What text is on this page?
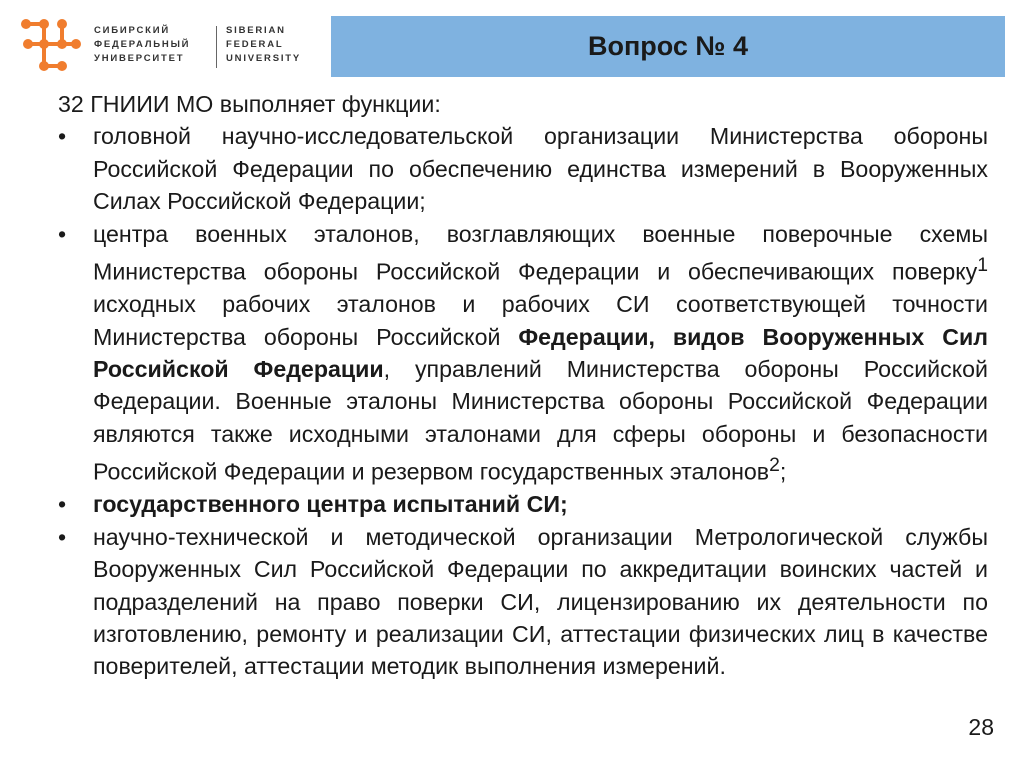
СИБИРСКИЙ
ФЕДЕРАЛЬНЫЙ
УНИВЕРСИТЕТ
SIBERIAN
FEDERAL
UNIVERSITY	Вопрос № 4

32 ГНИИИ МО выполняет функции:

• головной научно-исследовательской организации Министерства обороны Российской Федерации по обеспечению единства измерений в Вооруженных Силах Российской Федерации;
• центра военных эталонов, возглавляющих военные поверочные схемы Министерства обороны Российской Федерации и обеспечивающих поверку$^1$ исходных рабочих эталонов и рабочих СИ соответствующей точности Министерства обороны Российской Федерации, видов Вооруженных Сил Российской Федерации, управлений Министерства обороны Российской Федерации. Военные эталоны Министерства обороны Российской Федерации являются также исходными эталонами для сферы обороны и безопасности Российской Федерации и резервом государственных эталонов$^2$;
• государственного центра испытаний СИ;
• научно-технической и методической организации Метрологической службы Вооруженных Сил Российской Федерации по аккредитации воинских частей и подразделений на право поверки СИ, лицензированию их деятельности по изготовлению, ремонту и реализации СИ, аттестации физических лиц в качестве поверителей, аттестации методик выполнения измерений.
28
